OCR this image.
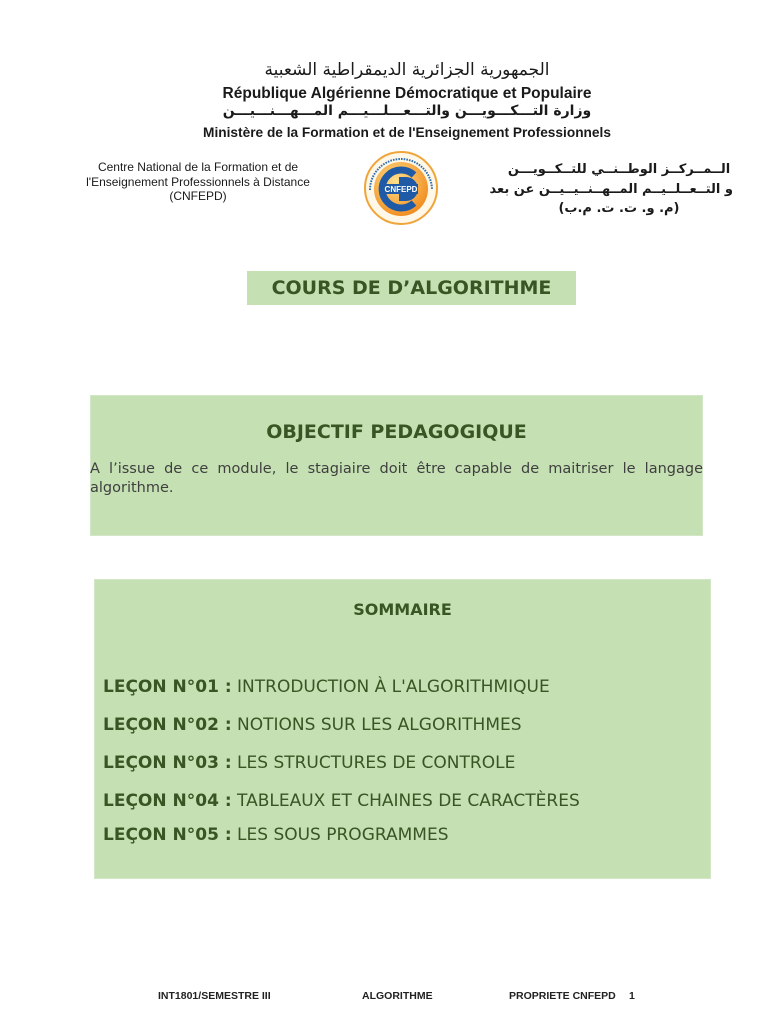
الجمهورية الجزائرية الديمقراطية الشعبية
République Algérienne Démocratique et Populaire
وزارة التـــكـــويـــن والتـــعـــلـــيـــم المـــهـــنـــيـــن
Ministère de la Formation et de l'Enseignement Professionnels
Centre National de la Formation et de
l'Enseignement Professionnels à Distance
(CNFEPD)	CNFEPD
الــمــركــز الوطــنــي للتــكــويـــن
و التــعــلــيــم المــهــنــيــيــن عن بعد
(م. و. ت. ت. م.ب)
COURS DE D’ALGORITHME
OBJECTIF PEDAGOGIQUE
A l’issue de ce module, le stagiaire doit être capable de maitriser le langage algorithme.
SOMMAIRE
LEÇON N°01 : INTRODUCTION À L'ALGORITHMIQUE
LEÇON N°02 : NOTIONS SUR LES ALGORITHMES
LEÇON N°03 : LES STRUCTURES DE CONTROLE
LEÇON N°04 : TABLEAUX ET CHAINES DE CARACTÈRES
LEÇON N°05 : LES SOUS PROGRAMMES
INT1801/SEMESTRE III	ALGORITHME	PROPRIETE CNFEPD 1
